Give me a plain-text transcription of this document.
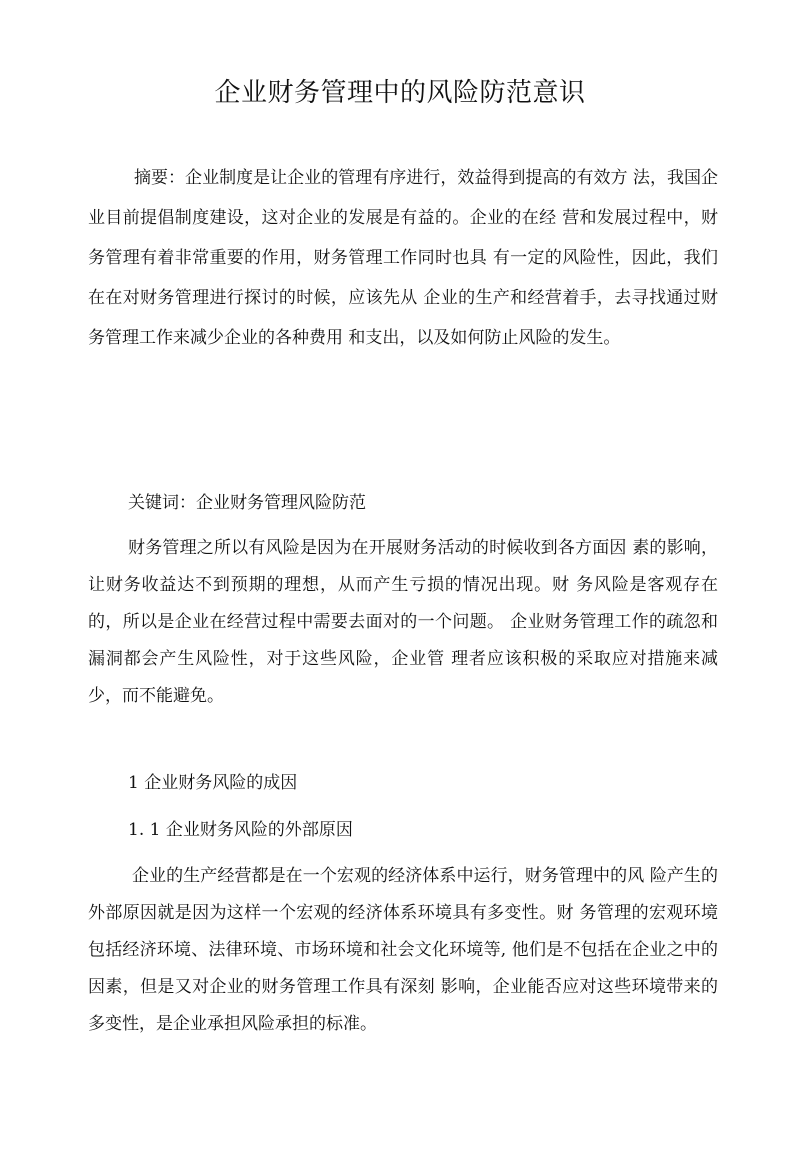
企业财务管理中的风险防范意识

摘要：企业制度是让企业的管理有序进行，效益得到提高的有效方 法，我国企业目前提倡制度建设，这对企业的发展是有益的。企业的在经 营和发展过程中，财务管理有着非常重要的作用，财务管理工作同时也具 有一定的风险性，因此，我们在在对财务管理进行探讨的时候，应该先从 企业的生产和经营着手，去寻找通过财务管理工作来减少企业的各种费用 和支出，以及如何防止风险的发生。

关键词：企业财务管理风险防范

财务管理之所以有风险是因为在开展财务活动的时候收到各方面因 素的影响，让财务收益达不到预期的理想，从而产生亏损的情况出现。财 务风险是客观存在的，所以是企业在经营过程中需要去面对的一个问题。 企业财务管理工作的疏忽和漏洞都会产生风险性，对于这些风险，企业管 理者应该积极的采取应对措施来减少，而不能避免。

1 企业财务风险的成因

1. 1 企业财务风险的外部原因

企业的生产经营都是在一个宏观的经济体系中运行，财务管理中的风 险产生的外部原因就是因为这样一个宏观的经济体系环境具有多变性。财 务管理的宏观环境包括经济环境、法律环境、市场环境和社会文化环境等, 他们是不包括在企业之中的因素，但是又对企业的财务管理工作具有深刻 影响，企业能否应对这些环境带来的多变性，是企业承担风险承担的标准。
